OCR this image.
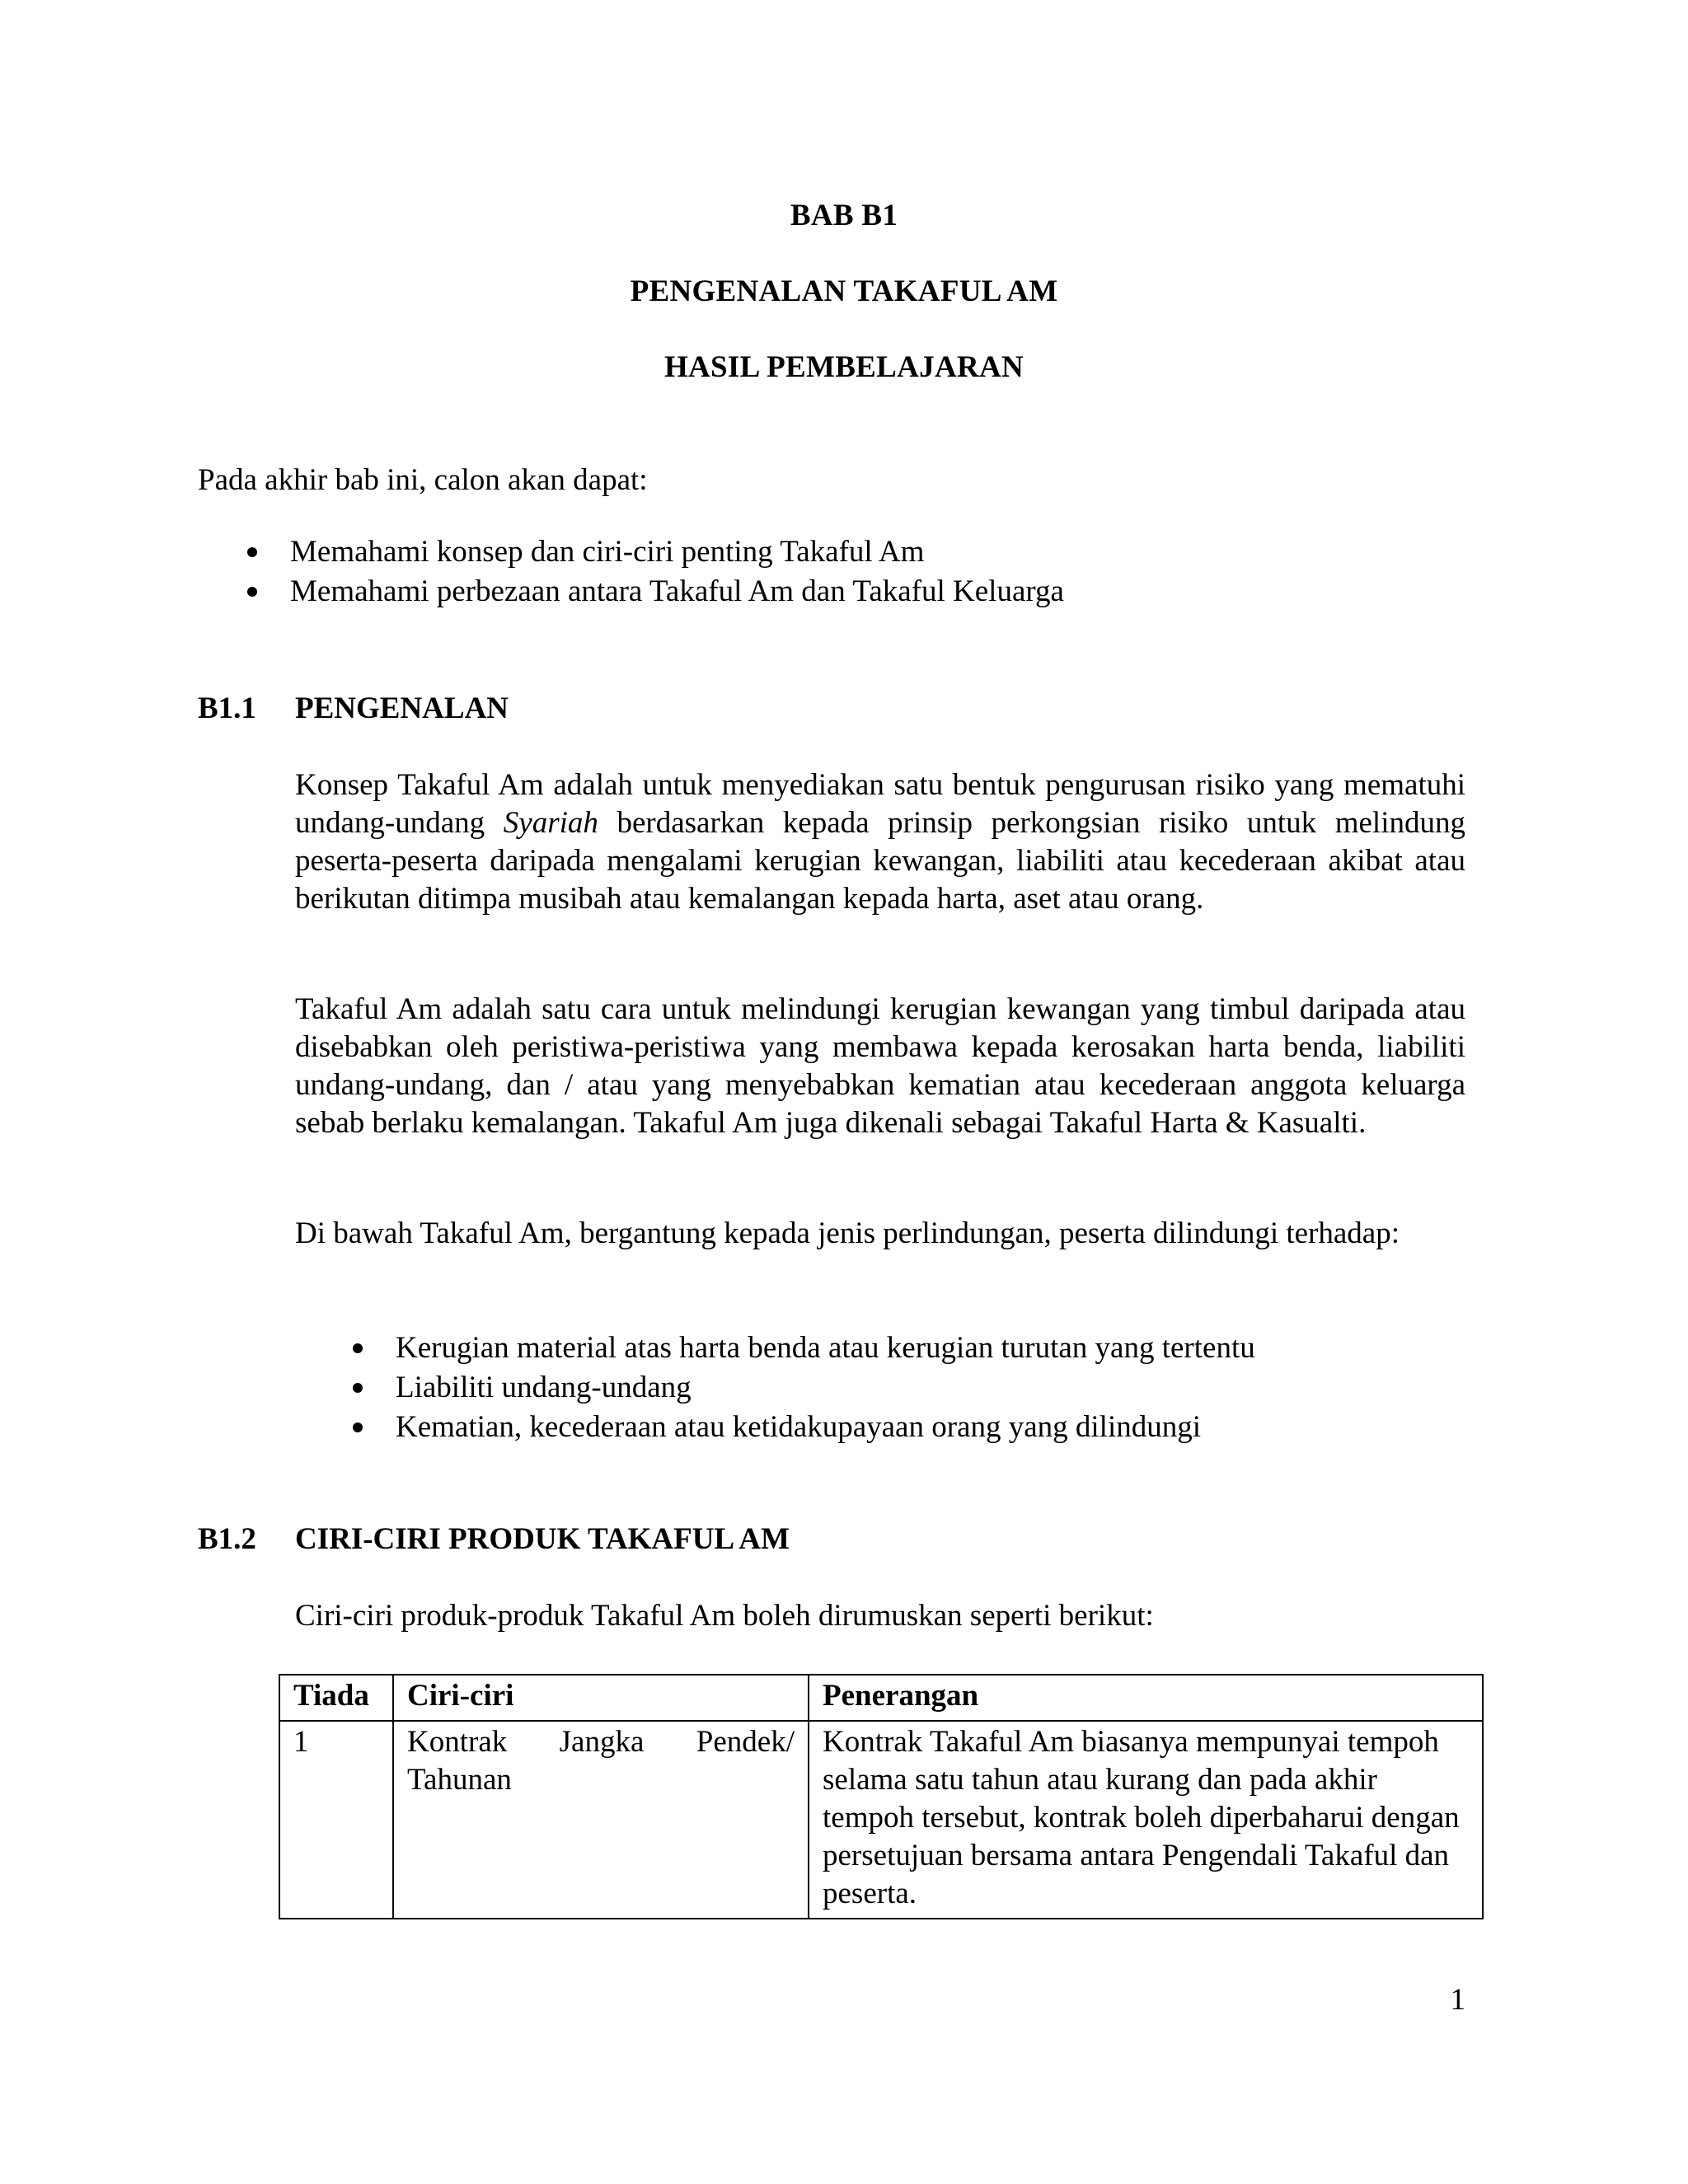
BAB B1
PENGENALAN TAKAFUL AM
HASIL PEMBELAJARAN
Pada akhir bab ini, calon akan dapat:
Memahami konsep dan ciri-ciri penting Takaful Am
Memahami perbezaan antara Takaful Am dan Takaful Keluarga
B1.1 PENGENALAN
Konsep Takaful Am adalah untuk menyediakan satu bentuk pengurusan risiko yang mematuhi undang-undang Syariah berdasarkan kepada prinsip perkongsian risiko untuk melindung peserta-peserta daripada mengalami kerugian kewangan, liabiliti atau kecederaan akibat atau berikutan ditimpa musibah atau kemalangan kepada harta, aset atau orang.
Takaful Am adalah satu cara untuk melindungi kerugian kewangan yang timbul daripada atau disebabkan oleh peristiwa-peristiwa yang membawa kepada kerosakan harta benda, liabiliti undang-undang, dan / atau yang menyebabkan kematian atau kecederaan anggota keluarga sebab berlaku kemalangan. Takaful Am juga dikenali sebagai Takaful Harta & Kasualti.
Di bawah Takaful Am, bergantung kepada jenis perlindungan, peserta dilindungi terhadap:
Kerugian material atas harta benda atau kerugian turutan yang tertentu
Liabiliti undang-undang
Kematian, kecederaan atau ketidakupayaan orang yang dilindungi
B1.2 CIRI-CIRI PRODUK TAKAFUL AM
Ciri-ciri produk-produk Takaful Am boleh dirumuskan seperti berikut:
Tiada	Ciri-ciri	Penerangan
1	Kontrak Jangka Pendek/ Tahunan	Kontrak Takaful Am biasanya mempunyai tempoh selama satu tahun atau kurang dan pada akhir tempoh tersebut, kontrak boleh diperbaharui dengan persetujuan bersama antara Pengendali Takaful dan peserta.
1
